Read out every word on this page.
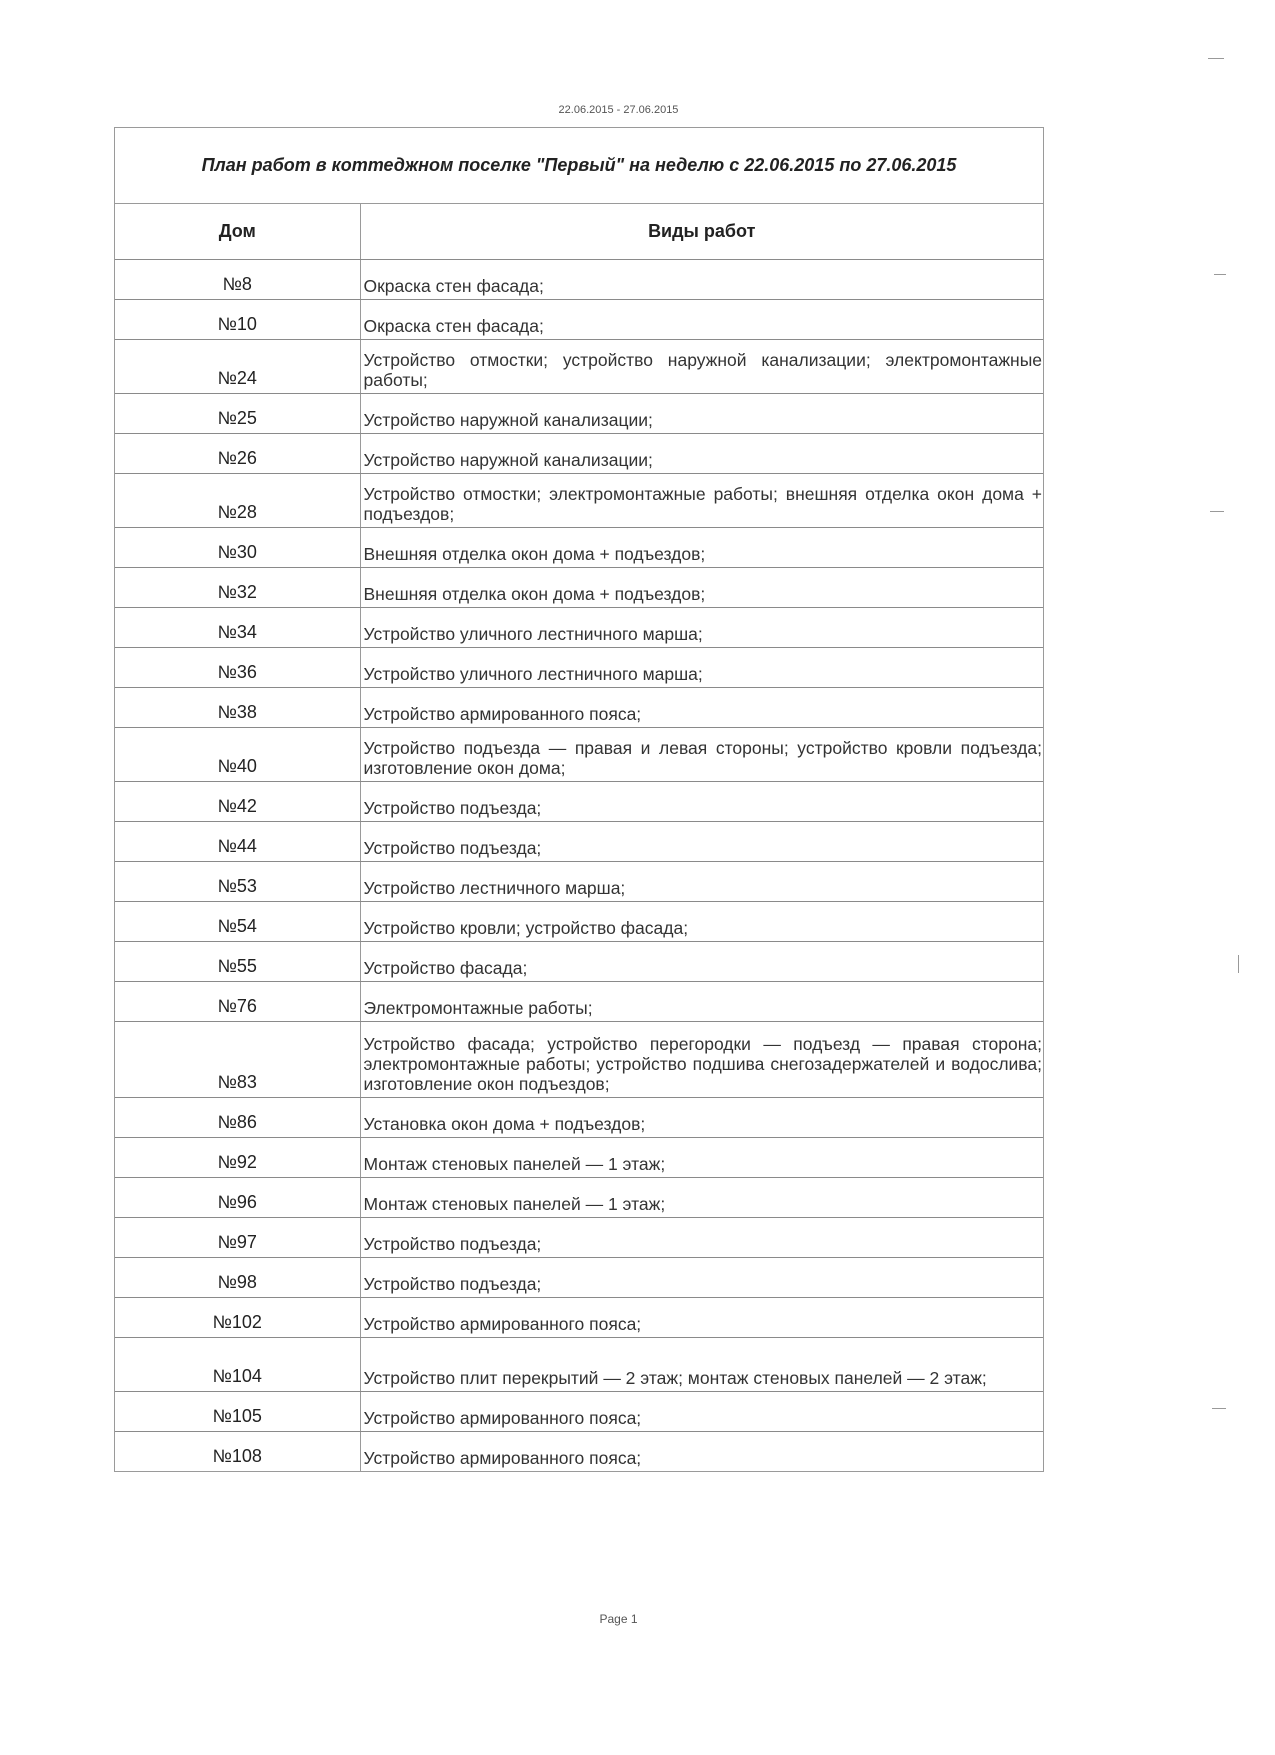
22.06.2015 - 27.06.2015
План работ в коттеджном поселке "Первый" на неделю с 22.06.2015 по 27.06.2015
Дом	Виды работ
№8	Окраска стен фасада;
№10	Окраска стен фасада;
№24	Устройство отмостки; устройство наружной канализации; электромонтажные работы;
№25	Устройство наружной канализации;
№26	Устройство наружной канализации;
№28	Устройство отмостки; электромонтажные работы; внешняя отделка окон дома + подъездов;
№30	Внешняя отделка окон дома + подъездов;
№32	Внешняя отделка окон дома + подъездов;
№34	Устройство уличного лестничного марша;
№36	Устройство уличного лестничного марша;
№38	Устройство армированного пояса;
№40	Устройство подъезда — правая и левая стороны; устройство кровли подъезда; изготовление окон дома;
№42	Устройство подъезда;
№44	Устройство подъезда;
№53	Устройство лестничного марша;
№54	Устройство кровли; устройство фасада;
№55	Устройство фасада;
№76	Электромонтажные работы;
№83	Устройство фасада; устройство перегородки — подъезд — правая сторона; электромонтажные работы; устройство подшива снегозадержателей и водослива; изготовление окон подъездов;
№86	Установка окон дома + подъездов;
№92	Монтаж стеновых панелей — 1 этаж;
№96	Монтаж стеновых панелей — 1 этаж;
№97	Устройство подъезда;
№98	Устройство подъезда;
№102	Устройство армированного пояса;
№104	Устройство плит перекрытий — 2 этаж; монтаж стеновых панелей — 2 этаж;
№105	Устройство армированного пояса;
№108	Устройство армированного пояса;
Page 1
